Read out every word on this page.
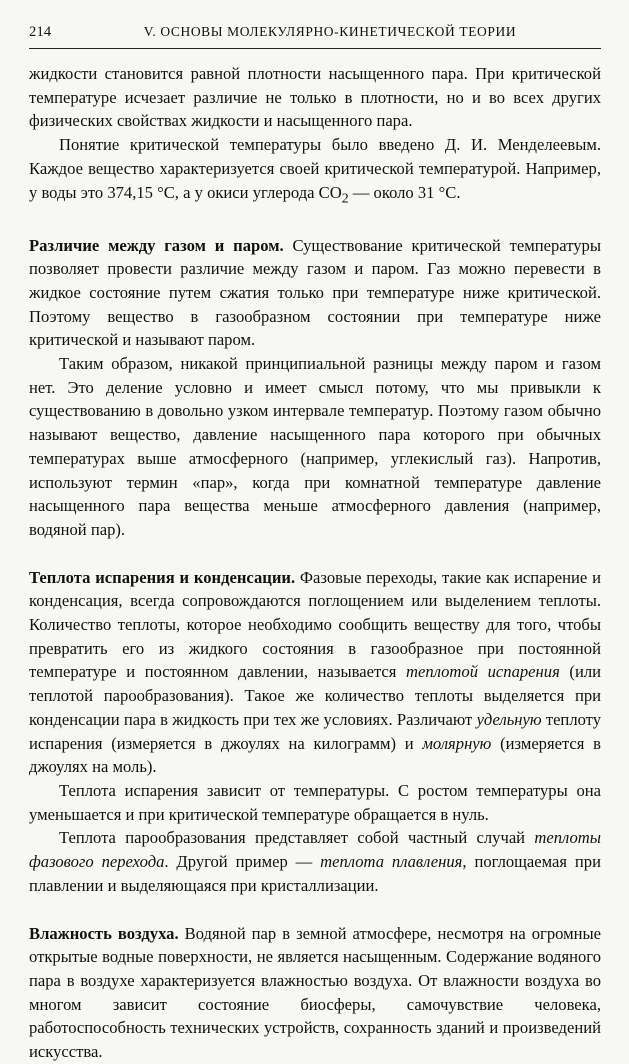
214	V. ОСНОВЫ МОЛЕКУЛЯРНО-КИНЕТИЧЕСКОЙ ТЕОРИИ

жидкости становится равной плотности насыщенного пара. При критической температуре исчезает различие не только в плотности, но и во всех других физических свойствах жидкости и насыщенного пара.

Понятие критической температуры было введено Д. И. Менделеевым. Каждое вещество характеризуется своей критической температурой. Например, у воды это 374,15 °C, а у окиси углерода $CO_2$ — около 31 °C.

Различие между газом и паром. Существование критической температуры позволяет провести различие между газом и паром. Газ можно перевести в жидкое состояние путем сжатия только при температуре ниже критической. Поэтому вещество в газообразном состоянии при температуре ниже критической и называют паром.

Таким образом, никакой принципиальной разницы между паром и газом нет. Это деление условно и имеет смысл потому, что мы привыкли к существованию в довольно узком интервале температур. Поэтому газом обычно называют вещество, давление насыщенного пара которого при обычных температурах выше атмосферного (например, углекислый газ). Напротив, используют термин «пар», когда при комнатной температуре давление насыщенного пара вещества меньше атмосферного давления (например, водяной пар).

Теплота испарения и конденсации. Фазовые переходы, такие как испарение и конденсация, всегда сопровождаются поглощением или выделением теплоты. Количество теплоты, которое необходимо сообщить веществу для того, чтобы превратить его из жидкого состояния в газообразное при постоянной температуре и постоянном давлении, называется теплотой испарения (или теплотой парообразования). Такое же количество теплоты выделяется при конденсации пара в жидкость при тех же условиях. Различают удельную теплоту испарения (измеряется в джоулях на килограмм) и молярную (измеряется в джоулях на моль).

Теплота испарения зависит от температуры. С ростом температуры она уменьшается и при критической температуре обращается в нуль.

Теплота парообразования представляет собой частный случай теплоты фазового перехода. Другой пример — теплота плавления, поглощаемая при плавлении и выделяющаяся при кристаллизации.

Влажность воздуха. Водяной пар в земной атмосфере, несмотря на огромные открытые водные поверхности, не является насыщенным. Содержание водяного пара в воздухе характеризуется влажностью воздуха. От влажности воздуха во многом зависит состояние биосферы, самочувствие человека, работоспособность технических устройств, сохранность зданий и произведений искусства.
